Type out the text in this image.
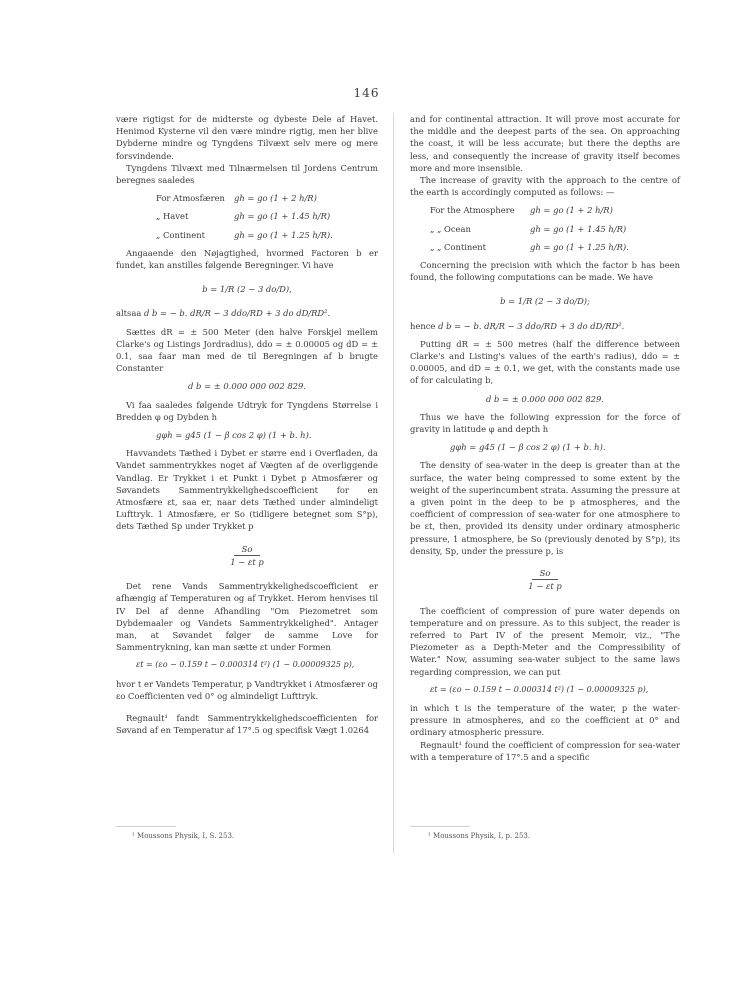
146

være rigtigst for de midterste og dybeste Dele af Havet. Henimod Kysterne vil den være mindre rigtig, men her blive Dybderne mindre og Tyngdens Tilvæxt selv mere og mere forsvindende.

Tyngdens Tilvæxt med Tilnærmelsen til Jordens Centrum beregnes saaledes

For Atmosfæren	gh = go (1 + 2 h/R)
„ Havet	gh = go (1 + 1.45 h/R)
„ Continent	gh = go (1 + 1.25 h/R).

Angaaende den Nøjagtighed, hvormed Factoren b er fundet, kan anstilles følgende Beregninger. Vi have

b = 1/R (2 − 3 do/D),
altsaa d b = − b. dR/R − 3 ddo/RD + 3 do dD/RD².

Sættes dR = ± 500 Meter (den halve Forskjel mellem Clarke's og Listings Jordradius), ddo = ± 0.00005 og dD = ± 0.1, saa faar man med de til Beregningen af b brugte Constanter

d b = ± 0.000 000 002 829.

Vi faa saaledes følgende Udtryk for Tyngdens Størrelse i Bredden φ og Dybden h

gφh = g45 (1 − β cos 2 φ) (1 + b. h).

Havvandets Tæthed i Dybet er større end i Overfladen, da Vandet sammentrykkes noget af Vægten af de overliggende Vandlag. Er Trykket i et Punkt i Dybet p Atmosfærer og Søvandets Sammentrykkelighedscoefficient for en Atmosfære εt, saa er, naar dets Tæthed under almindeligt Lufttryk. 1 Atmosfære, er So (tidligere betegnet som S°p), dets Tæthed Sp under Trykket p

So
1 − εt p

Det rene Vands Sammentrykkelighedscoefficient er afhængig af Temperaturen og af Trykket. Herom henvises til IV Del af denne Afhandling "Om Piezometret som Dybdemaaler og Vandets Sammentrykkelighed". Antager man, at Søvandet følger de samme Love for Sammentrykning, kan man sætte εt under Formen

εt = (εo − 0.159 t − 0.000314 t²) (1 − 0.00009325 p),

hvor t er Vandets Temperatur, p Vandtrykket i Atmosfærer og εo Coefficienten ved 0° og almindeligt Lufttryk.

Regnault¹ fandt Sammentrykkelighedscoefficienten for Søvand af en Temperatur af 17°.5 og specifisk Vægt 1.0264

and for continental attraction. It will prove most accurate for the middle and the deepest parts of the sea. On approaching the coast, it will be less accurate; but there the depths are less, and consequently the increase of gravity itself becomes more and more insensible.

The increase of gravity with the approach to the centre of the earth is accordingly computed as follows: —

For the Atmosphere	gh = go (1 + 2 h/R)
„ „ Ocean	gh = go (1 + 1.45 h/R)
„ „ Continent	gh = go (1 + 1.25 h/R).

Concerning the precision with which the factor b has been found, the following computations can be made. We have

b = 1/R (2 − 3 do/D);
hence d b = − b. dR/R − 3 ddo/RD + 3 do dD/RD².

Putting dR = ± 500 metres (half the difference between Clarke's and Listing's values of the earth's radius), ddo = ± 0.00005, and dD = ± 0.1, we get, with the constants made use of for calculating b,

d b = ± 0.000 000 002 829.

Thus we have the following expression for the force of gravity in latitude φ and depth h

gφh = g45 (1 − β cos 2 φ) (1 + b. h).

The density of sea-water in the deep is greater than at the surface, the water being compressed to some extent by the weight of the superincumbent strata. Assuming the pressure at a given point in the deep to be p atmospheres, and the coefficient of compression of sea-water for one atmosphere to be εt, then, provided its density under ordinary atmospheric pressure, 1 atmosphere, be So (previously denoted by S°p), its density, Sp, under the pressure p, is

So
1 − εt p

The coefficient of compression of pure water depends on temperature and on pressure. As to this subject, the reader is referred to Part IV of the present Memoir, viz., "The Piezometer as a Depth-Meter and the Compressibility of Water." Now, assuming sea-water subject to the same laws regarding compression, we can put

εt = (εo − 0.159 t − 0.000314 t²) (1 − 0.00009325 p),

in which t is the temperature of the water, p the water-pressure in atmospheres, and εo the coefficient at 0° and ordinary atmospheric pressure.

Regnault¹ found the coefficient of compression for sea-water with a temperature of 17°.5 and a specific

¹ Moussons Physik, I, S. 253.	¹ Moussons Physik, I, p. 253.
